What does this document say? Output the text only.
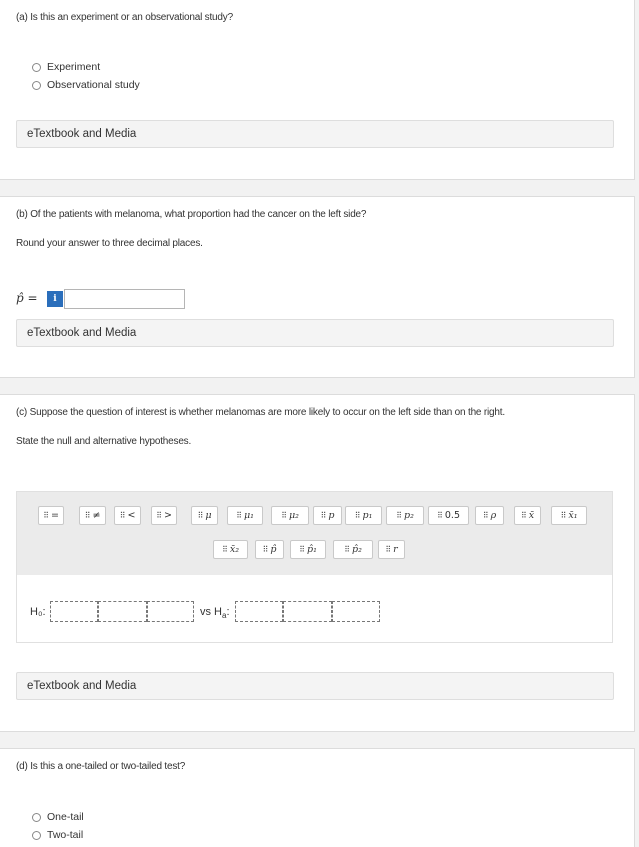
(a) Is this an experiment or an observational study?
Experiment
Observational study
eTextbook and Media
(b) Of the patients with melanoma, what proportion had the cancer on the left side?
Round your answer to three decimal places.
p̂ =	i
eTextbook and Media
(c) Suppose the question of interest is whether melanomas are more likely to occur on the left side than on the right.
State the null and alternative hypotheses.
⠿ =	⠿ ≠ ⠿ <	⠿ >	⠿ μ	⠿ μ₁	⠿ μ₂	⠿ p	⠿ p₁	⠿ p₂	⠿ 0.5	⠿ ρ	⠿ x̄	⠿ x̄₁
⠿ x̄₂	⠿ p̂	⠿ p̂₁	⠿ p̂₂	⠿ r
H₀:	vs $H_a$:
eTextbook and Media
(d) Is this a one-tailed or two-tailed test?
One-tail
Two-tail
